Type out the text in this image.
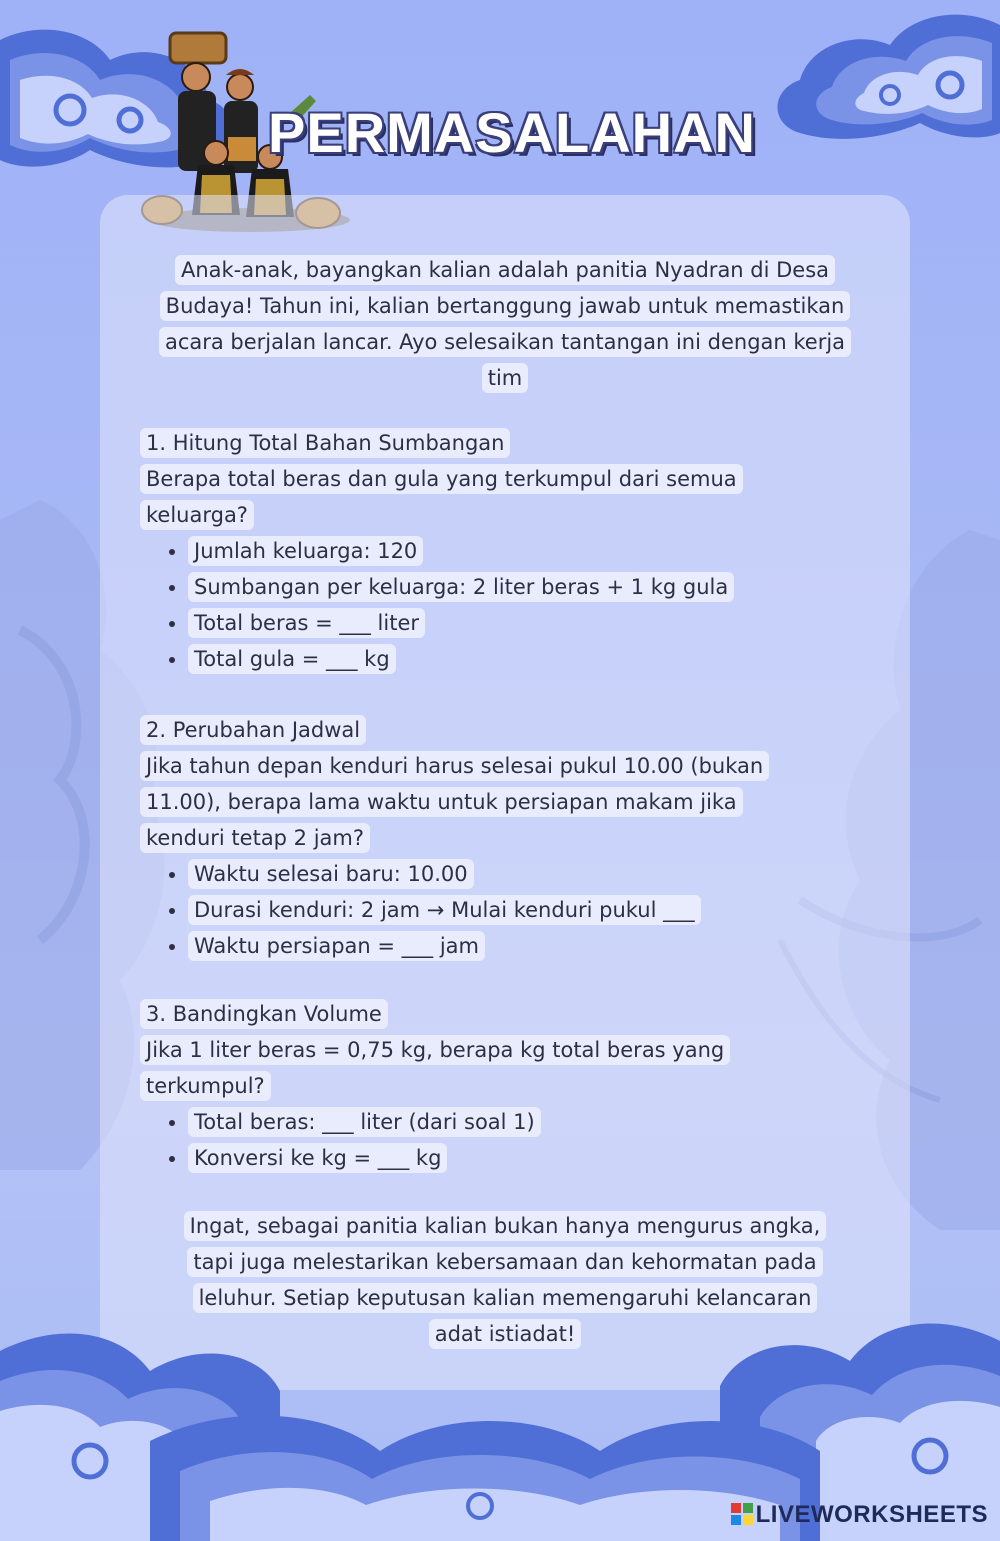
PERMASALAHAN
Anak-anak, bayangkan kalian adalah panitia Nyadran di Desa Budaya! Tahun ini, kalian bertanggung jawab untuk memastikan acara berjalan lancar. Ayo selesaikan tantangan ini dengan kerja tim
1. Hitung Total Bahan Sumbangan
Berapa total beras dan gula yang terkumpul dari semua keluarga?
• Jumlah keluarga: 120
• Sumbangan per keluarga: 2 liter beras + 1 kg gula
• Total beras = ___ liter
• Total gula = ___ kg
2. Perubahan Jadwal
Jika tahun depan kenduri harus selesai pukul 10.00 (bukan 11.00), berapa lama waktu untuk persiapan makam jika kenduri tetap 2 jam?
• Waktu selesai baru: 10.00
• Durasi kenduri: 2 jam → Mulai kenduri pukul ___
• Waktu persiapan = ___ jam
3. Bandingkan Volume
Jika 1 liter beras = 0,75 kg, berapa kg total beras yang terkumpul?
• Total beras: ___ liter (dari soal 1)
• Konversi ke kg = ___ kg
Ingat, sebagai panitia kalian bukan hanya mengurus angka, tapi juga melestarikan kebersamaan dan kehormatan pada leluhur. Setiap keputusan kalian memengaruhi kelancaran adat istiadat!
LIVEWORKSHEETS
